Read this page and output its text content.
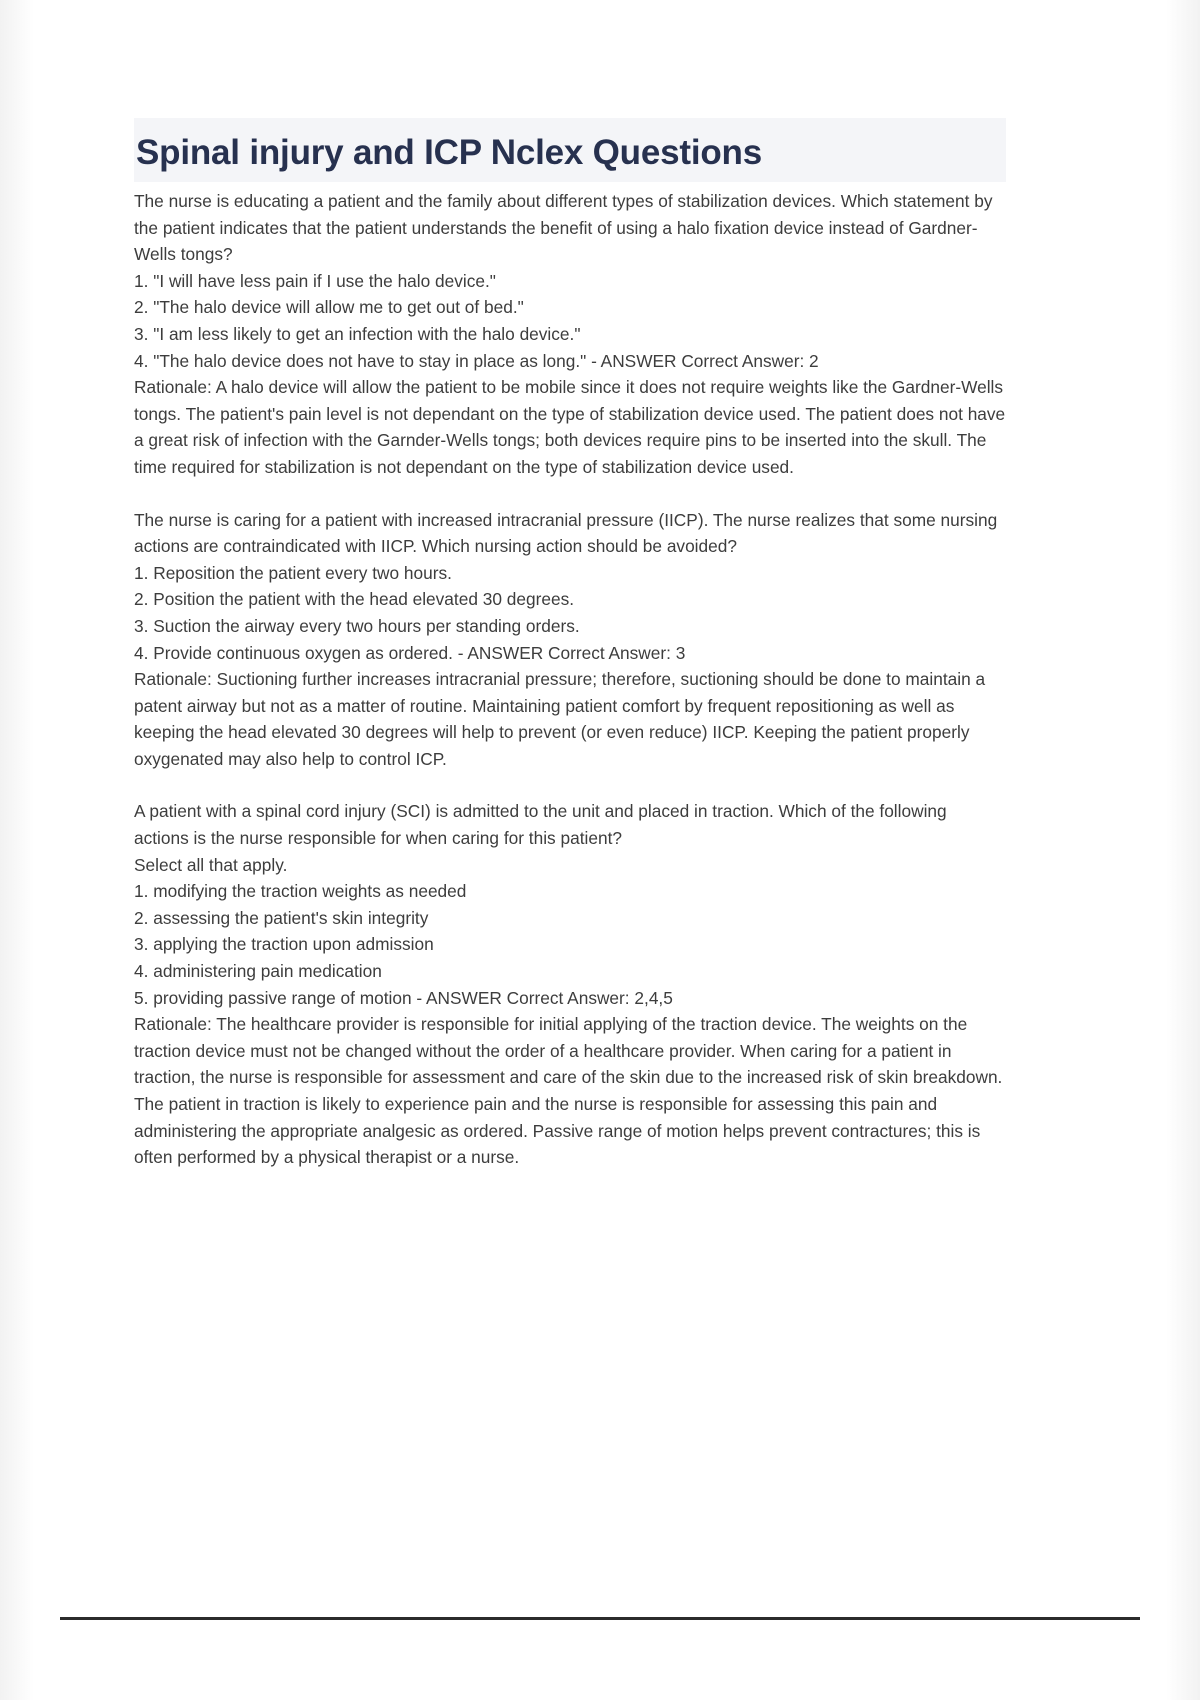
Spinal injury and ICP Nclex Questions

The nurse is educating a patient and the family about different types of stabilization devices. Which statement by the patient indicates that the patient understands the benefit of using a halo fixation device instead of Gardner-Wells tongs?

1. "I will have less pain if I use the halo device."

2. "The halo device will allow me to get out of bed."

3. "I am less likely to get an infection with the halo device."

4. "The halo device does not have to stay in place as long." - ANSWER Correct Answer: 2

Rationale: A halo device will allow the patient to be mobile since it does not require weights like the Gardner-Wells tongs. The patient's pain level is not dependant on the type of stabilization device used. The patient does not have a great risk of infection with the Garnder-Wells tongs; both devices require pins to be inserted into the skull. The time required for stabilization is not dependant on the type of stabilization device used.

The nurse is caring for a patient with increased intracranial pressure (IICP). The nurse realizes that some nursing actions are contraindicated with IICP. Which nursing action should be avoided?

1. Reposition the patient every two hours.

2. Position the patient with the head elevated 30 degrees.

3. Suction the airway every two hours per standing orders.

4. Provide continuous oxygen as ordered. - ANSWER Correct Answer: 3

Rationale: Suctioning further increases intracranial pressure; therefore, suctioning should be done to maintain a patent airway but not as a matter of routine. Maintaining patient comfort by frequent repositioning as well as keeping the head elevated 30 degrees will help to prevent (or even reduce) IICP. Keeping the patient properly oxygenated may also help to control ICP.

A patient with a spinal cord injury (SCI) is admitted to the unit and placed in traction. Which of the following actions is the nurse responsible for when caring for this patient?

Select all that apply.

1. modifying the traction weights as needed

2. assessing the patient's skin integrity

3. applying the traction upon admission

4. administering pain medication

5. providing passive range of motion - ANSWER Correct Answer: 2,4,5

Rationale: The healthcare provider is responsible for initial applying of the traction device. The weights on the traction device must not be changed without the order of a healthcare provider. When caring for a patient in traction, the nurse is responsible for assessment and care of the skin due to the increased risk of skin breakdown. The patient in traction is likely to experience pain and the nurse is responsible for assessing this pain and administering the appropriate analgesic as ordered. Passive range of motion helps prevent contractures; this is often performed by a physical therapist or a nurse.
